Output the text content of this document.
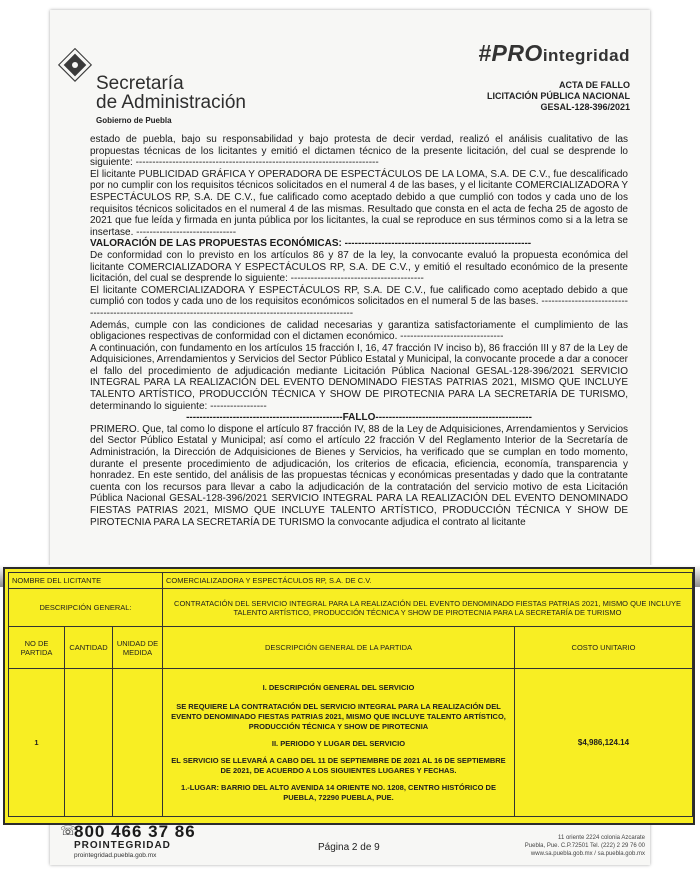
Secretaría
de Administración
Gobierno de Puebla
#PROintegridad
ACTA DE FALLO
LICITACIÓN PÚBLICA NACIONAL
GESAL-128-396/2021

estado de puebla, bajo su responsabilidad y bajo protesta de decir verdad, realizó el análisis cualitativo de las propuestas técnicas de los licitantes y emitió el dictamen técnico de la presente licitación, del cual se desprende lo siguiente: -------------------------------------------------------------------------

El licitante PUBLICIDAD GRÁFICA Y OPERADORA DE ESPECTÁCULOS DE LA LOMA, S.A. DE C.V., fue descalificado por no cumplir con los requisitos técnicos solicitados en el numeral 4 de las bases, y el licitante COMERCIALIZADORA Y ESPECTÁCULOS RP, S.A. DE C.V., fue calificado como aceptado debido a que cumplió con todos y cada uno de los requisitos técnicos solicitados en el numeral 4 de las mismas. Resultado que consta en el acta de fecha 25 de agosto de 2021 que fue leída y firmada en junta pública por los licitantes, la cual se reproduce en sus términos como si a la letra se insertase. ------------------------------

VALORACIÓN DE LAS PROPUESTAS ECONÓMICAS: --------------------------------------------------------

De conformidad con lo previsto en los artículos 86 y 87 de la ley, la convocante evaluó la propuesta económica del licitante COMERCIALIZADORA Y ESPECTÁCULOS RP, S.A. DE C.V., y emitió el resultado económico de la presente licitación, del cual se desprende lo siguiente: ----------------------------------------

El licitante COMERCIALIZADORA Y ESPECTÁCULOS RP, S.A. DE C.V., fue calificado como aceptado debido a que cumplió con todos y cada uno de los requisitos económicos solicitados en el numeral 5 de las bases. ---------------------------------------------------------------------------------------------------------

Además, cumple con las condiciones de calidad necesarias y garantiza satisfactoriamente el cumplimiento de las obligaciones respectivas de conformidad con el dictamen económico. -------------------------------

A continuación, con fundamento en los artículos 15 fracción I, 16, 47 fracción IV inciso b), 86 fracción III y 87 de la Ley de Adquisiciones, Arrendamientos y Servicios del Sector Público Estatal y Municipal, la convocante procede a dar a conocer el fallo del procedimiento de adjudicación mediante Licitación Pública Nacional GESAL-128-396/2021 SERVICIO INTEGRAL PARA LA REALIZACIÓN DEL EVENTO DENOMINADO FIESTAS PATRIAS 2021, MISMO QUE INCLUYE TALENTO ARTÍSTICO, PRODUCCIÓN TÉCNICA Y SHOW DE PIROTECNIA PARA LA SECRETARÍA DE TURISMO, determinando lo siguiente: -----------------

-----------------------------------------------FALLO-----------------------------------------------

PRIMERO. Que, tal como lo dispone el artículo 87 fracción IV, 88 de la Ley de Adquisiciones, Arrendamientos y Servicios del Sector Público Estatal y Municipal; así como el artículo 22 fracción V del Reglamento Interior de la Secretaría de Administración, la Dirección de Adquisiciones de Bienes y Servicios, ha verificado que se cumplan en todo momento, durante el presente procedimiento de adjudicación, los criterios de eficacia, eficiencia, economía, transparencia y honradez. En este sentido, del análisis de las propuestas técnicas y económicas presentadas y dado que la contratante cuenta con los recursos para llevar a cabo la adjudicación de la contratación del servicio motivo de esta Licitación Pública Nacional GESAL-128-396/2021 SERVICIO INTEGRAL PARA LA REALIZACIÓN DEL EVENTO DENOMINADO FIESTAS PATRIAS 2021, MISMO QUE INCLUYE TALENTO ARTÍSTICO, PRODUCCIÓN TÉCNICA Y SHOW DE PIROTECNIA PARA LA SECRETARÍA DE TURISMO la convocante adjudica el contrato al licitante

NOMBRE DEL LICITANTE			COMERCIALIZADORA Y ESPECTÁCULOS RP, S.A. DE C.V.	
DESCRIPCIÓN GENERAL:			CONTRATACIÓN DEL SERVICIO INTEGRAL PARA LA REALIZACIÓN DEL EVENTO DENOMINADO FIESTAS PATRIAS 2021, MISMO QUE INCLUYE TALENTO ARTÍSTICO, PRODUCCIÓN TÉCNICA Y SHOW DE PIROTECNIA PARA LA SECRETARÍA DE TURISMO	
NO DE PARTIDA	CANTIDAD	UNIDAD DE MEDIDA	DESCRIPCIÓN GENERAL DE LA PARTIDA	COSTO UNITARIO
1			I. DESCRIPCIÓN GENERAL DEL SERVICIO
SE REQUIERE LA CONTRATACIÓN DEL SERVICIO INTEGRAL PARA LA REALIZACIÓN DEL EVENTO DENOMINADO FIESTAS PATRIAS 2021, MISMO QUE INCLUYE TALENTO ARTÍSTICO, PRODUCCIÓN TÉCNICA Y SHOW DE PIROTECNIA
II. PERIODO Y LUGAR DEL SERVICIO
EL SERVICIO SE LLEVARÁ A CABO DEL 11 DE SEPTIEMBRE DE 2021 AL 16 DE SEPTIEMBRE DE 2021, DE ACUERDO A LOS SIGUIENTES LUGARES Y FECHAS.
1.-LUGAR: BARRIO DEL ALTO AVENIDA 14 ORIENTE NO. 1208, CENTRO HISTÓRICO DE PUEBLA, 72290 PUEBLA, PUE.	$4,986,124.14
☏
800 466 37 86
PROINTEGRIDAD
prointegridad.puebla.gob.mx
Página 2 de 9
11 oriente 2224 colonia Azcarate
Puebla, Pue. C.P.72501 Tel. (222) 2 29 76 00
www.sa.puebla.gob.mx / sa.puebla.gob.mx
